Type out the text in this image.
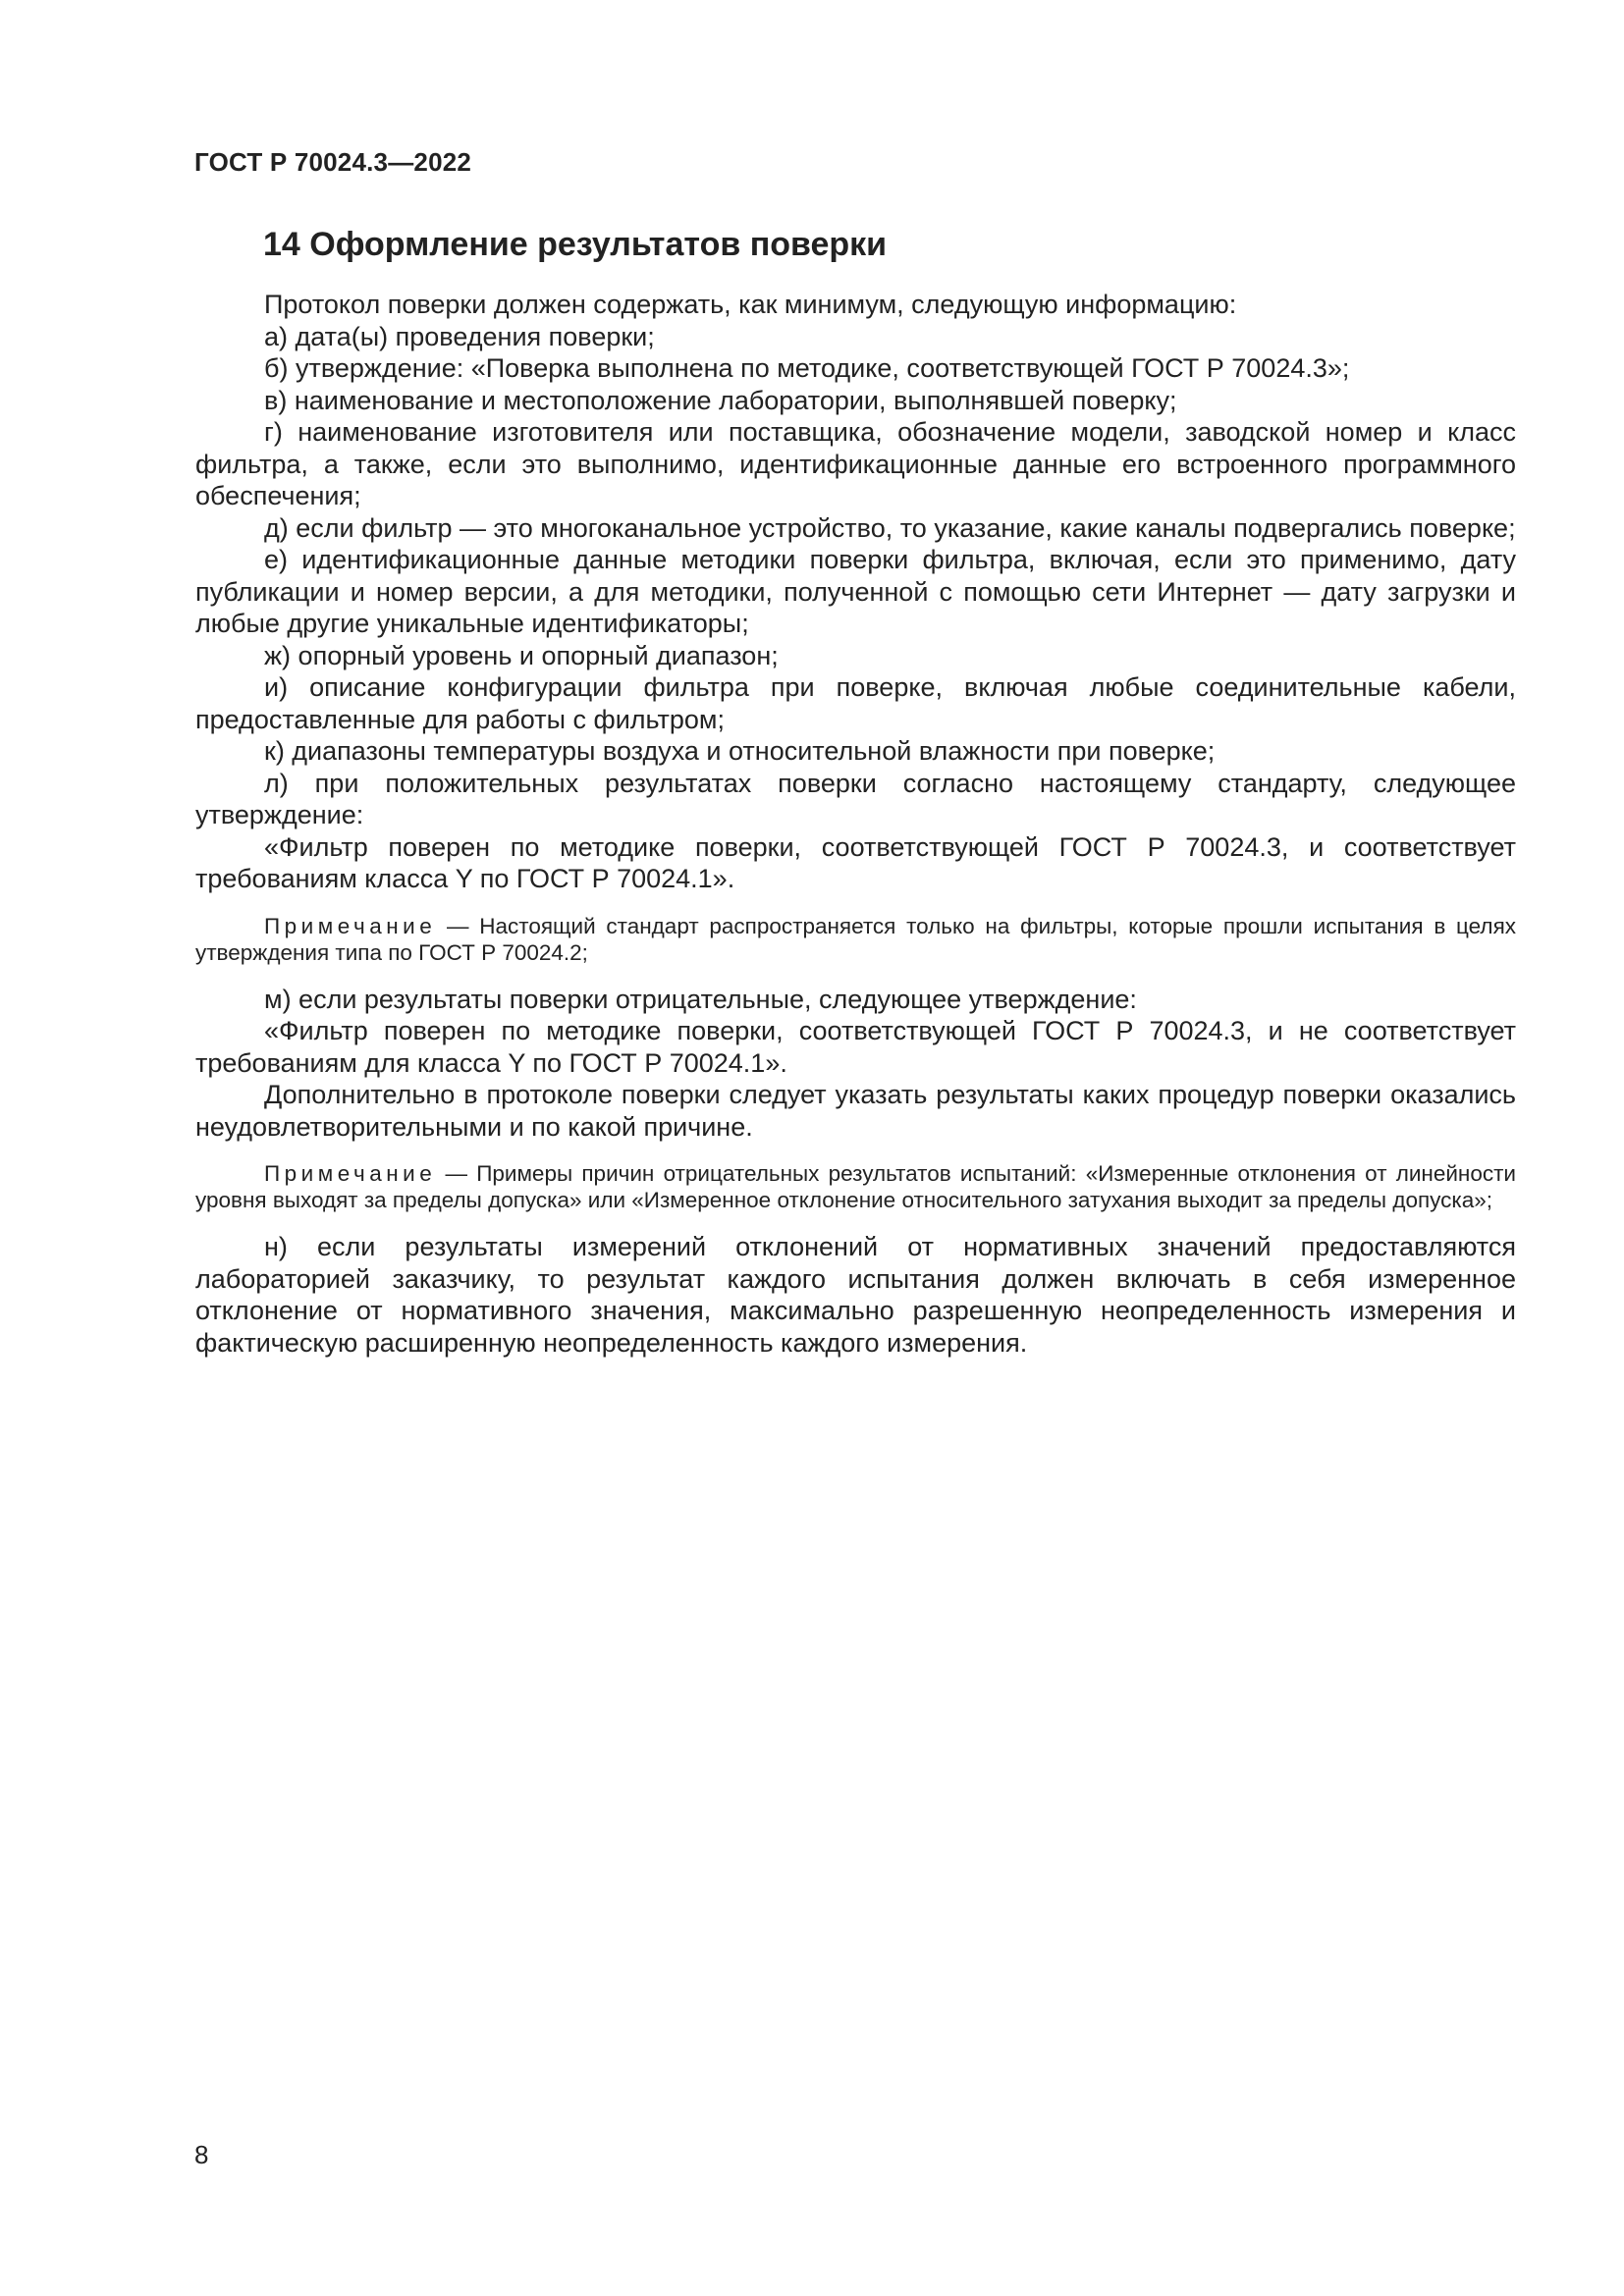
ГОСТ Р 70024.3—2022
14 Оформление результатов поверки

Протокол поверки должен содержать, как минимум, следующую информацию:

а) дата(ы) проведения поверки;

б) утверждение: «Поверка выполнена по методике, соответствующей ГОСТ Р 70024.3»;

в) наименование и местоположение лаборатории, выполнявшей поверку;

г) наименование изготовителя или поставщика, обозначение модели, заводской номер и класс фильтра, а также, если это выполнимо, идентификационные данные его встроенного программного обеспечения;

д) если фильтр — это многоканальное устройство, то указание, какие каналы подвергались поверке;

е) идентификационные данные методики поверки фильтра, включая, если это применимо, дату публикации и номер версии, а для методики, полученной с помощью сети Интернет — дату загрузки и любые другие уникальные идентификаторы;

ж) опорный уровень и опорный диапазон;

и) описание конфигурации фильтра при поверке, включая любые соединительные кабели, предоставленные для работы с фильтром;

к) диапазоны температуры воздуха и относительной влажности при поверке;

л) при положительных результатах поверки согласно настоящему стандарту, следующее утверждение:

«Фильтр поверен по методике поверки, соответствующей ГОСТ Р 70024.3, и соответствует требованиям класса Y по ГОСТ Р 70024.1».

Примечание — Настоящий стандарт распространяется только на фильтры, которые прошли испытания в целях утверждения типа по ГОСТ Р 70024.2;

м) если результаты поверки отрицательные, следующее утверждение:

«Фильтр поверен по методике поверки, соответствующей ГОСТ Р 70024.3, и не соответствует требованиям для класса Y по ГОСТ Р 70024.1».

Дополнительно в протоколе поверки следует указать результаты каких процедур поверки оказались неудовлетворительными и по какой причине.

Примечание — Примеры причин отрицательных результатов испытаний: «Измеренные отклонения от линейности уровня выходят за пределы допуска» или «Измеренное отклонение относительного затухания выходит за пределы допуска»;

н) если результаты измерений отклонений от нормативных значений предоставляются лабораторией заказчику, то результат каждого испытания должен включать в себя измеренное отклонение от нормативного значения, максимально разрешенную неопределенность измерения и фактическую расширенную неопределенность каждого измерения.

8
